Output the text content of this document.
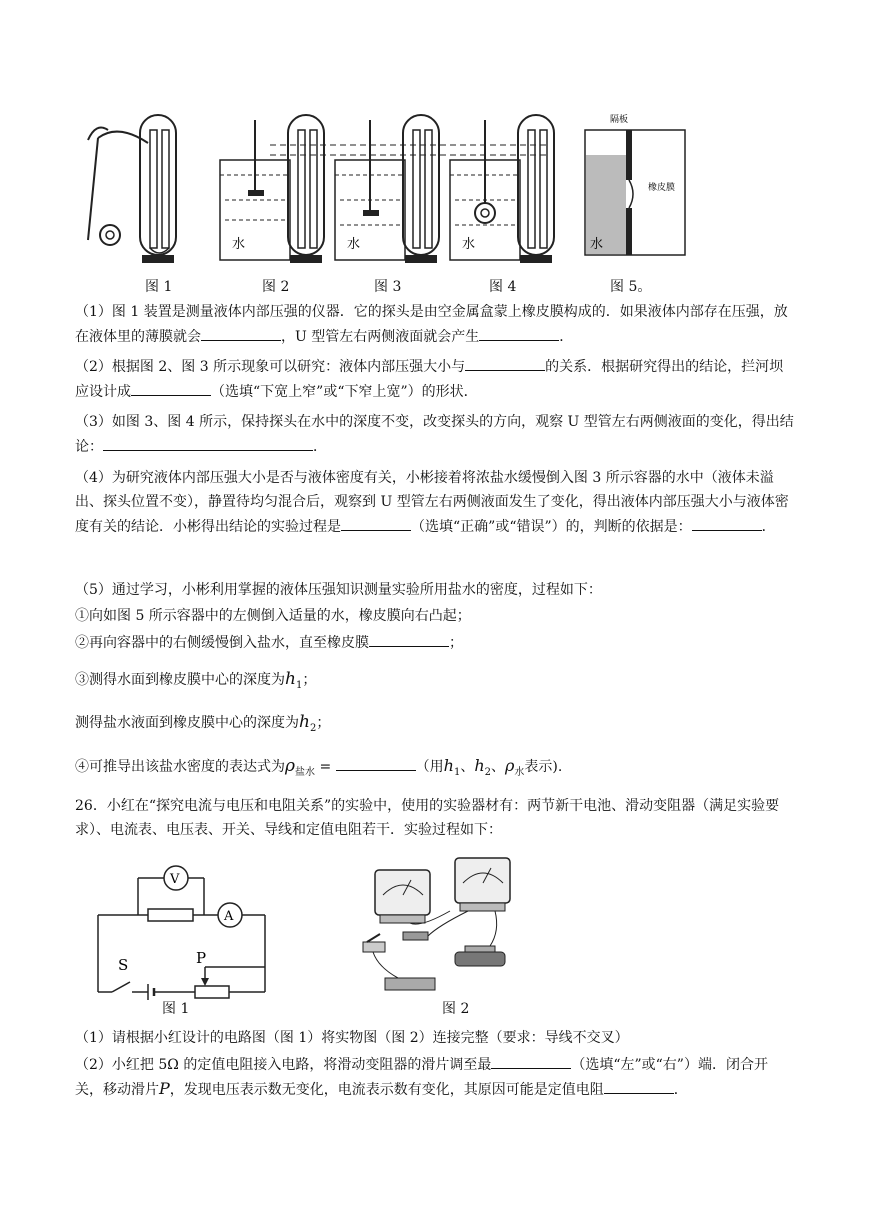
水	水	水
隔板
橡皮膜
水
图 1	图 2	图 3	图 4	图 5。
（1）图 1 装置是测量液体内部压强的仪器．它的探头是由空金属盒蒙上橡皮膜构成的．如果液体内部存在压强，放在液体里的薄膜就会	，U 型管左右两侧液面就会产生	．
（2）根据图 2、图 3 所示现象可以研究：液体内部压强大小与	的关系．根据研究得出的结论，拦河坝应设计成	（选填“下宽上窄”或“下窄上宽”）的形状．
（3）如图 3、图 4 所示，保持探头在水中的深度不变，改变探头的方向，观察 U 型管左右两侧液面的变化，得出结论：	．
（4）为研究液体内部压强大小是否与液体密度有关，小彬接着将浓盐水缓慢倒入图 3 所示容器的水中（液体未溢出、探头位置不变），静置待均匀混合后，观察到 U 型管左右两侧液面发生了变化，得出液体内部压强大小与液体密度有关的结论．小彬得出结论的实验过程是	（选填“正确”或“错误”）的，判断的依据是：	．
（5）通过学习，小彬利用掌握的液体压强知识测量实验所用盐水的密度，过程如下：
①向如图 5 所示容器中的左侧倒入适量的水，橡皮膜向右凸起；
②再向容器中的右侧缓慢倒入盐水，直至橡皮膜	；
③测得水面到橡皮膜中心的深度为$h_1$；
测得盐水液面到橡皮膜中心的深度为$h_2$；
④可推导出该盐水密度的表达式为$\rho_{盐水}$ =	（用$h_1$、$h_2$、$\rho_水$表示).
26．小红在“探究电流与电压和电阻关系”的实验中，使用的实验器材有：两节新干电池、滑动变阻器（满足实验要求）、电流表、电压表、开关、导线和定值电阻若干．实验过程如下：
A
V
S	P
图 1	图 2
（1）请根据小红设计的电路图（图 1）将实物图（图 2）连接完整（要求：导线不交叉）
（2）小红把 5Ω 的定值电阻接入电路，将滑动变阻器的滑片调至最	（选填“左”或“右”）端．闭合开关，移动滑片P，发现电压表示数无变化，电流表示数有变化，其原因可能是定值电阻	．
